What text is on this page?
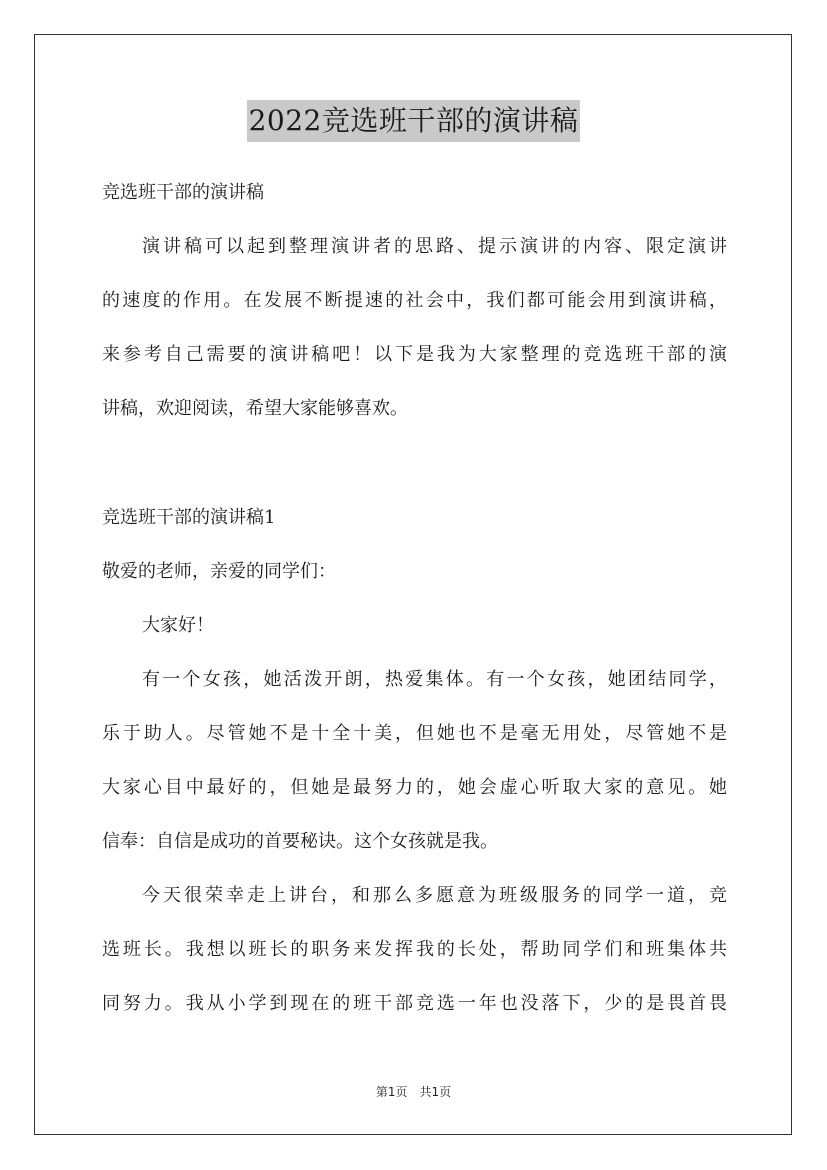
2022竞选班干部的演讲稿
竞选班干部的演讲稿
演讲稿可以起到整理演讲者的思路、提示演讲的内容、限定演讲
的速度的作用。在发展不断提速的社会中，我们都可能会用到演讲稿，
来参考自己需要的演讲稿吧！以下是我为大家整理的竞选班干部的演
讲稿，欢迎阅读，希望大家能够喜欢。
竞选班干部的演讲稿1
敬爱的老师，亲爱的同学们：
大家好！
有一个女孩，她活泼开朗，热爱集体。有一个女孩，她团结同学，
乐于助人。尽管她不是十全十美，但她也不是毫无用处，尽管她不是
大家心目中最好的，但她是最努力的，她会虚心听取大家的意见。她
信奉：自信是成功的首要秘诀。这个女孩就是我。
今天很荣幸走上讲台，和那么多愿意为班级服务的同学一道，竞
选班长。我想以班长的职务来发挥我的长处，帮助同学们和班集体共
同努力。我从小学到现在的班干部竞选一年也没落下，少的是畏首畏
第1页　共1页
